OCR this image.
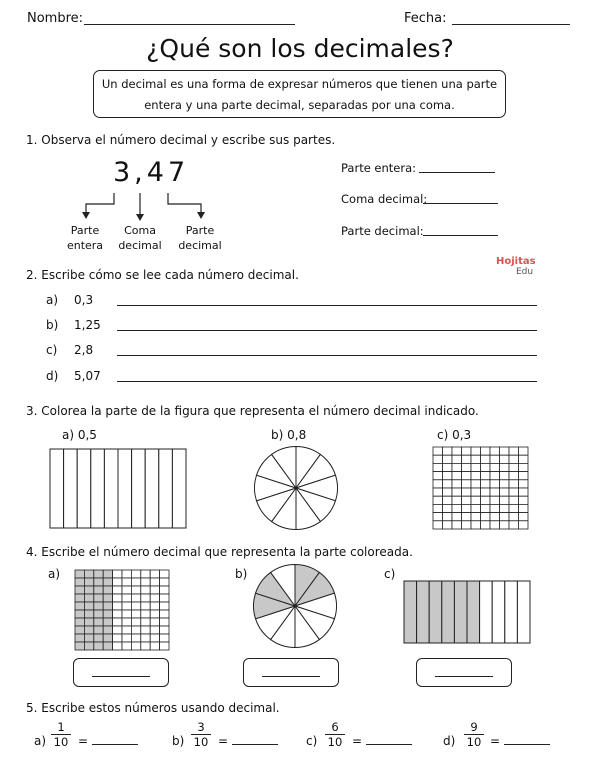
Nombre:	Fecha:
¿Qué son los decimales?
Un decimal es una forma de expresar números que tienen una parte
entera y una parte decimal, separadas por una coma.
1. Observa el número decimal y escribe sus partes.
3,47
Parte
entera
Coma
decimal
Parte
decimal
Parte entera:
Coma decimal:
Parte decimal:
Hojitas
Edu
2. Escribe cómo se lee cada número decimal.
a) 0,3
b) 1,25
c) 2,8
d) 5,07
3. Colorea la parte de la figura que representa el número decimal indicado.
a) 0,5	b) 0,8	c) 0,3
4. Escribe el número decimal que representa la parte coloreada.
a)	b)	c)
5. Escribe estos números usando decimal.
$a) \frac{1}{10}$ =	$b) \frac{3}{10}$ =	$c) \frac{6}{10}$ =	$d) \frac{9}{10}$ =
